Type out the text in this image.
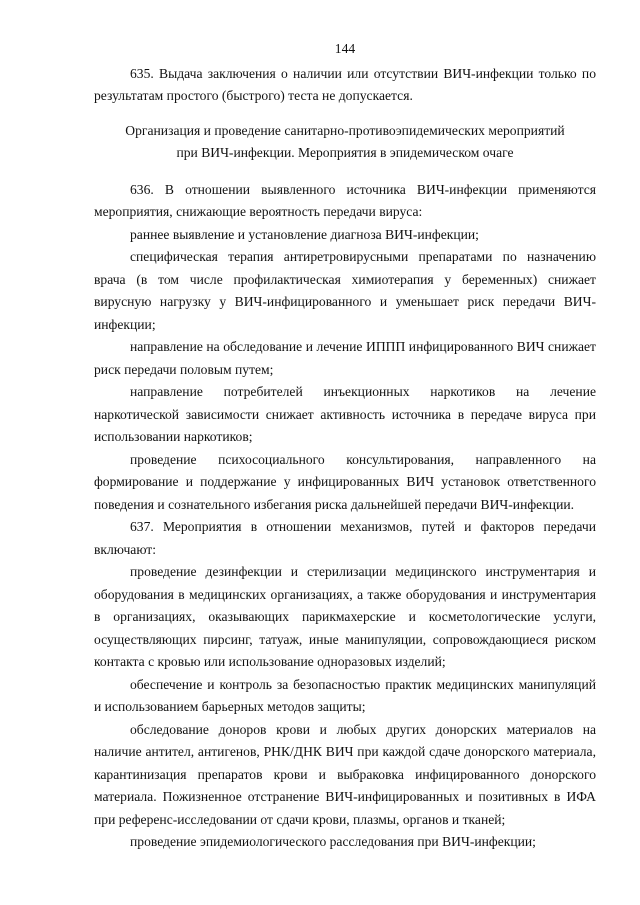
144

635. Выдача заключения о наличии или отсутствии ВИЧ-инфекции только по результатам простого (быстрого) теста не допускается.

Организация и проведение санитарно-противоэпидемических мероприятий

при ВИЧ-инфекции. Мероприятия в эпидемическом очаге

636. В отношении выявленного источника ВИЧ-инфекции применяются мероприятия, снижающие вероятность передачи вируса:

раннее выявление и установление диагноза ВИЧ-инфекции;

специфическая терапия антиретровирусными препаратами по назначению врача (в том числе профилактическая химиотерапия у беременных) снижает вирусную нагрузку у ВИЧ-инфицированного и уменьшает риск передачи ВИЧ-инфекции;

направление на обследование и лечение ИППП инфицированного ВИЧ снижает риск передачи половым путем;

направление потребителей инъекционных наркотиков на лечение наркотической зависимости снижает активность источника в передаче вируса при использовании наркотиков;

проведение психосоциального консультирования, направленного на формирование и поддержание у инфицированных ВИЧ установок ответственного поведения и сознательного избегания риска дальнейшей передачи ВИЧ-инфекции.

637. Мероприятия в отношении механизмов, путей и факторов передачи включают:

проведение дезинфекции и стерилизации медицинского инструментария и оборудования в медицинских организациях, а также оборудования и инструментария в организациях, оказывающих парикмахерские и косметологические услуги, осуществляющих пирсинг, татуаж, иные манипуляции, сопровождающиеся риском контакта с кровью или использование одноразовых изделий;

обеспечение и контроль за безопасностью практик медицинских манипуляций и использованием барьерных методов защиты;

обследование доноров крови и любых других донорских материалов на наличие антител, антигенов, РНК/ДНК ВИЧ при каждой сдаче донорского материала, карантинизация препаратов крови и выбраковка инфицированного донорского материала. Пожизненное отстранение ВИЧ-инфицированных и позитивных в ИФА при референс-исследовании от сдачи крови, плазмы, органов и тканей;

проведение эпидемиологического расследования при ВИЧ-инфекции;
